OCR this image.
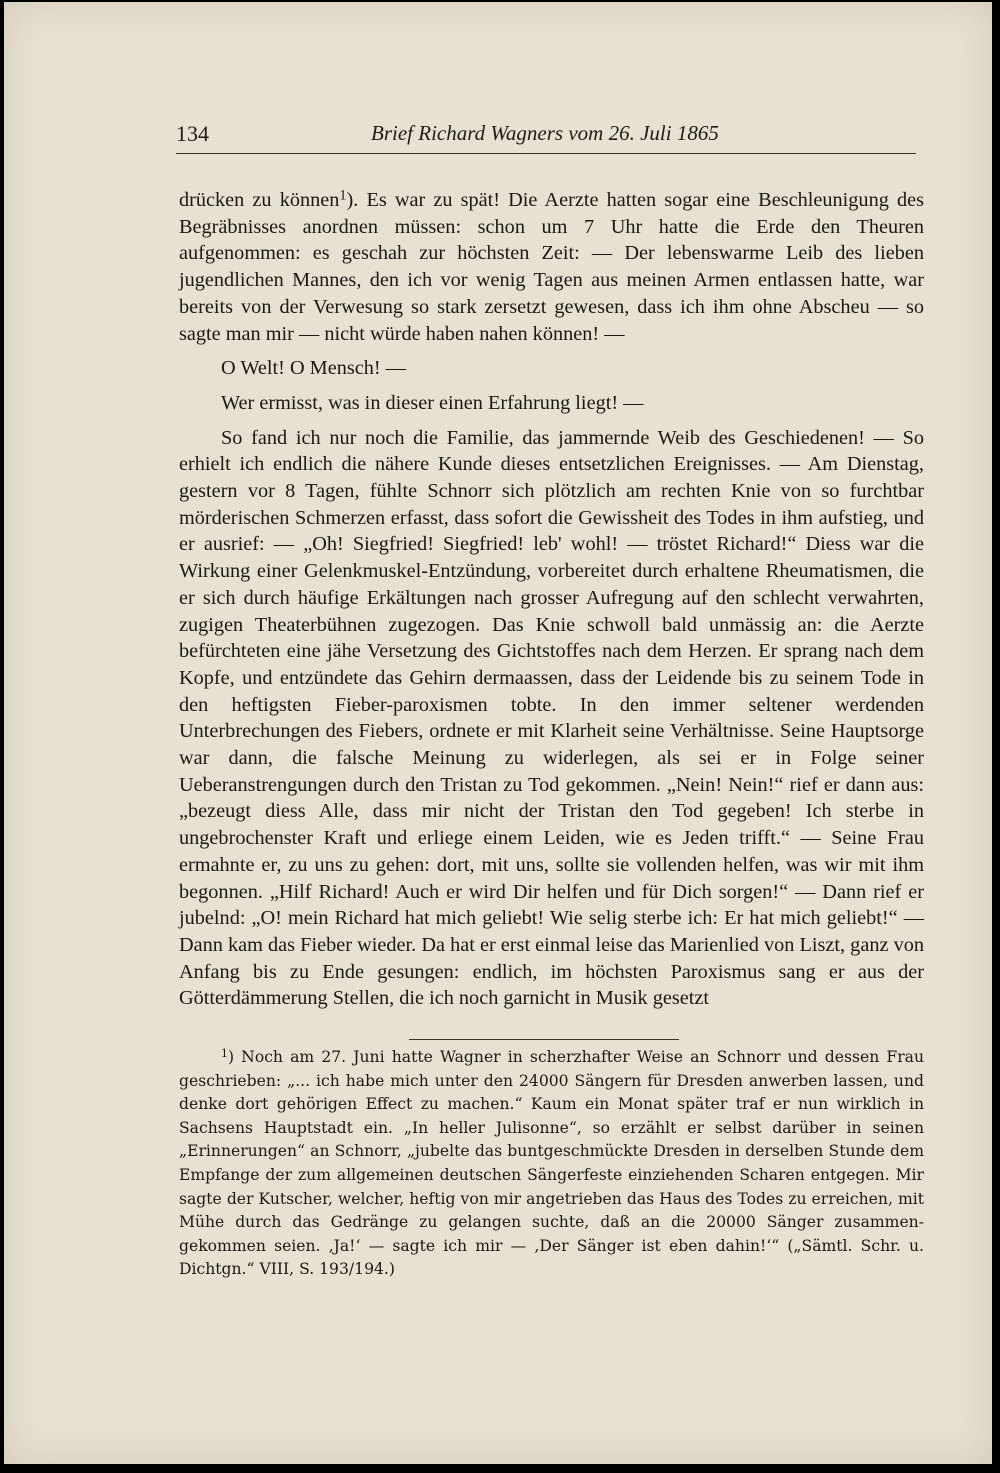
134	Brief Richard Wagners vom 26. Juli 1865

drücken zu können$^1$). Es war zu spät! Die Aerzte hatten sogar eine Beschleunigung des Begräbnisses anordnen müssen: schon um 7 Uhr hatte die Erde den Theuren aufgenommen: es geschah zur höchsten Zeit: — Der lebenswarme Leib des lieben jugendlichen Mannes, den ich vor wenig Tagen aus meinen Armen entlassen hatte, war bereits von der Verwesung so stark zersetzt gewesen, dass ich ihm ohne Abscheu — so sagte man mir — nicht würde haben nahen können! —

O Welt! O Mensch! —

Wer ermisst, was in dieser einen Erfahrung liegt! —

So fand ich nur noch die Familie, das jammernde Weib des Geschiedenen! — So erhielt ich endlich die nähere Kunde dieses entsetzlichen Ereignisses. — Am Dienstag, gestern vor 8 Tagen, fühlte Schnorr sich plötzlich am rechten Knie von so furchtbar mörderischen Schmerzen erfasst, dass sofort die Gewissheit des Todes in ihm aufstieg, und er ausrief: — „Oh! Siegfried! Siegfried! leb' wohl! — tröstet Richard!“ Diess war die Wirkung einer Gelenkmuskel-Entzündung, vorbereitet durch erhaltene Rheumatismen, die er sich durch häufige Erkältungen nach grosser Aufregung auf den schlecht verwahrten, zugigen Theaterbühnen zugezogen. Das Knie schwoll bald unmässig an: die Aerzte befürchteten eine jähe Versetzung des Gichtstoffes nach dem Herzen. Er sprang nach dem Kopfe, und entzündete das Gehirn dermaassen, dass der Leidende bis zu seinem Tode in den heftigsten Fieber-paroxismen tobte. In den immer seltener werdenden Unterbrechungen des Fiebers, ordnete er mit Klarheit seine Verhältnisse. Seine Hauptsorge war dann, die falsche Meinung zu widerlegen, als sei er in Folge seiner Ueberanstrengungen durch den Tristan zu Tod gekommen. „Nein! Nein!“ rief er dann aus: „bezeugt diess Alle, dass mir nicht der Tristan den Tod gegeben! Ich sterbe in ungebrochenster Kraft und erliege einem Leiden, wie es Jeden trifft.“ — Seine Frau ermahnte er, zu uns zu gehen: dort, mit uns, sollte sie vollenden helfen, was wir mit ihm begonnen. „Hilf Richard! Auch er wird Dir helfen und für Dich sorgen!“ — Dann rief er jubelnd: „O! mein Richard hat mich geliebt! Wie selig sterbe ich: Er hat mich geliebt!“ — Dann kam das Fieber wieder. Da hat er erst einmal leise das Marienlied von Liszt, ganz von Anfang bis zu Ende gesungen: endlich, im höchsten Paroxismus sang er aus der Götterdämmerung Stellen, die ich noch garnicht in Musik gesetzt

$^1$) Noch am 27. Juni hatte Wagner in scherzhafter Weise an Schnorr und dessen Frau geschrieben: „... ich habe mich unter den 24000 Sängern für Dresden anwerben lassen, und denke dort gehörigen Effect zu machen.“ Kaum ein Monat später traf er nun wirklich in Sachsens Hauptstadt ein. „In heller Julisonne“, so erzählt er selbst darüber in seinen „Erinnerungen“ an Schnorr, „jubelte das buntgeschmückte Dresden in derselben Stunde dem Empfange der zum allgemeinen deutschen Sängerfeste einziehenden Scharen entgegen. Mir sagte der Kutscher, welcher, heftig von mir angetrieben das Haus des Todes zu erreichen, mit Mühe durch das Gedränge zu gelangen suchte, daß an die 20000 Sänger zusammen-gekommen seien. ‚Ja!‘ — sagte ich mir — ‚Der Sänger ist eben dahin!‘“ („Sämtl. Schr. u. Dichtgn.“ VIII, S. 193/194.)
